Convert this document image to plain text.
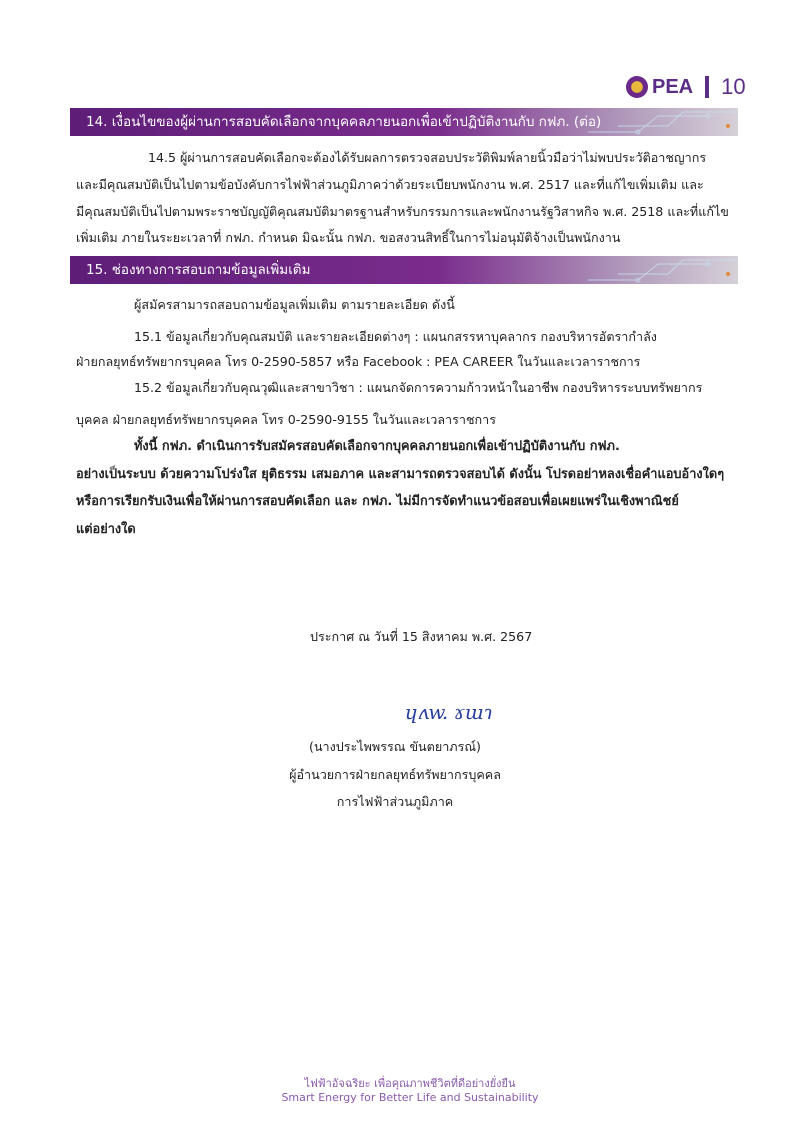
PEA 10
14. เงื่อนไขของผู้ผ่านการสอบคัดเลือกจากบุคคลภายนอกเพื่อเข้าปฏิบัติงานกับ กฟภ. (ต่อ)
14.5 ผู้ผ่านการสอบคัดเลือกจะต้องได้รับผลการตรวจสอบประวัติพิมพ์ลายนิ้วมือว่าไม่พบประวัติอาชญากร
และมีคุณสมบัติเป็นไปตามข้อบังคับการไฟฟ้าส่วนภูมิภาคว่าด้วยระเบียบพนักงาน พ.ศ. 2517 และที่แก้ไขเพิ่มเติม และ
มีคุณสมบัติเป็นไปตามพระราชบัญญัติคุณสมบัติมาตรฐานสำหรับกรรมการและพนักงานรัฐวิสาหกิจ พ.ศ. 2518 และที่แก้ไข
เพิ่มเติม ภายในระยะเวลาที่ กฟภ. กำหนด มิฉะนั้น กฟภ. ขอสงวนสิทธิ์ในการไม่อนุมัติจ้างเป็นพนักงาน
15. ช่องทางการสอบถามข้อมูลเพิ่มเติม
ผู้สมัครสามารถสอบถามข้อมูลเพิ่มเติม ตามรายละเอียด ดังนี้
15.1 ข้อมูลเกี่ยวกับคุณสมบัติ และรายละเอียดต่างๆ : แผนกสรรหาบุคลากร กองบริหารอัตรากำลัง
ฝ่ายกลยุทธ์ทรัพยากรบุคคล โทร 0-2590-5857 หรือ Facebook : PEA CAREER ในวันและเวลาราชการ
15.2 ข้อมูลเกี่ยวกับคุณวุฒิและสาขาวิชา : แผนกจัดการความก้าวหน้าในอาชีพ กองบริหารระบบทรัพยากร
บุคคล ฝ่ายกลยุทธ์ทรัพยากรบุคคล โทร 0-2590-9155 ในวันและเวลาราชการ
ทั้งนี้ กฟภ. ดำเนินการรับสมัครสอบคัดเลือกจากบุคคลภายนอกเพื่อเข้าปฏิบัติงานกับ กฟภ.
อย่างเป็นระบบ ด้วยความโปร่งใส ยุติธรรม เสมอภาค และสามารถตรวจสอบได้ ดังนั้น โปรดอย่าหลงเชื่อคำแอบอ้างใดๆ
หรือการเรียกรับเงินเพื่อให้ผ่านการสอบคัดเลือก และ กฟภ. ไม่มีการจัดทำแนวข้อสอบเพื่อเผยแพร่ในเชิงพาณิชย์
แต่อย่างใด
ประกาศ ณ วันที่ 15 สิงหาคม พ.ศ. 2567
ɥʌw. ɤɯɿ
(นางประไพพรรณ ขันตยาภรณ์)
ผู้อำนวยการฝ่ายกลยุทธ์ทรัพยากรบุคคล
การไฟฟ้าส่วนภูมิภาค
ไฟฟ้าอัจฉริยะ เพื่อคุณภาพชีวิตที่ดีอย่างยั่งยืน
Smart Energy for Better Life and Sustainability
